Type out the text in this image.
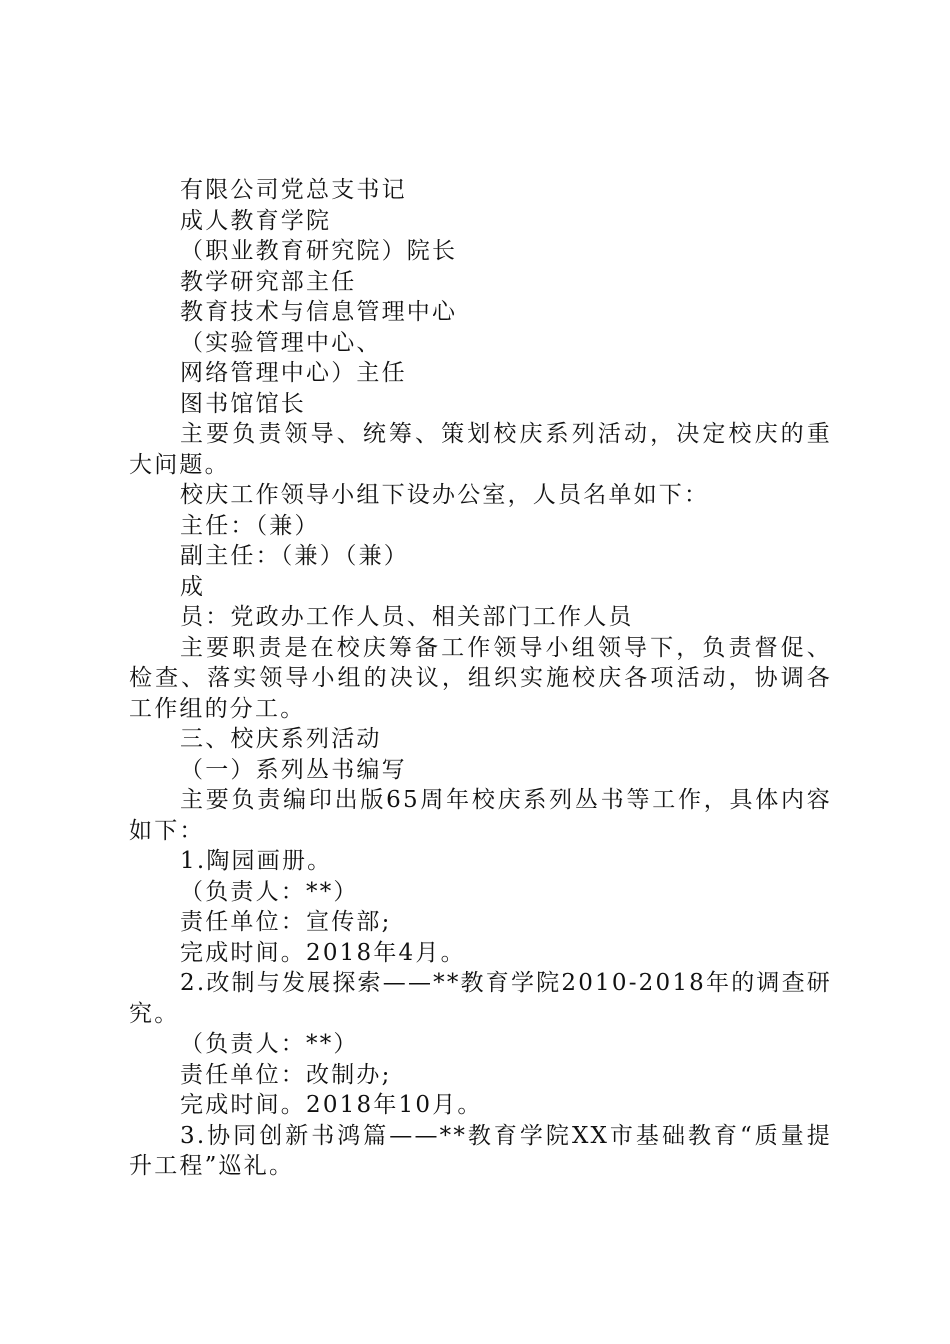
有限公司党总支书记

成人教育学院

（职业教育研究院）院长

教学研究部主任

教育技术与信息管理中心

（实验管理中心、

网络管理中心）主任

图书馆馆长

主要负责领导、统筹、策划校庆系列活动，决定校庆的重大问题。

校庆工作领导小组下设办公室，人员名单如下：

主任：（兼）

副主任：（兼）（兼）

成

员：党政办工作人员、相关部门工作人员

主要职责是在校庆筹备工作领导小组领导下，负责督促、检查、落实领导小组的决议，组织实施校庆各项活动，协调各工作组的分工。

三、校庆系列活动

（一）系列丛书编写

主要负责编印出版65周年校庆系列丛书等工作，具体内容如下：

1.陶园画册。

（负责人：**）

责任单位：宣传部;

完成时间。2018年4月。

2.改制与发展探索——**教育学院2010-2018年的调查研究。

（负责人：**）

责任单位：改制办;

完成时间。2018年10月。

3.协同创新书鸿篇——**教育学院XX市基础教育“质量提升工程”巡礼。
